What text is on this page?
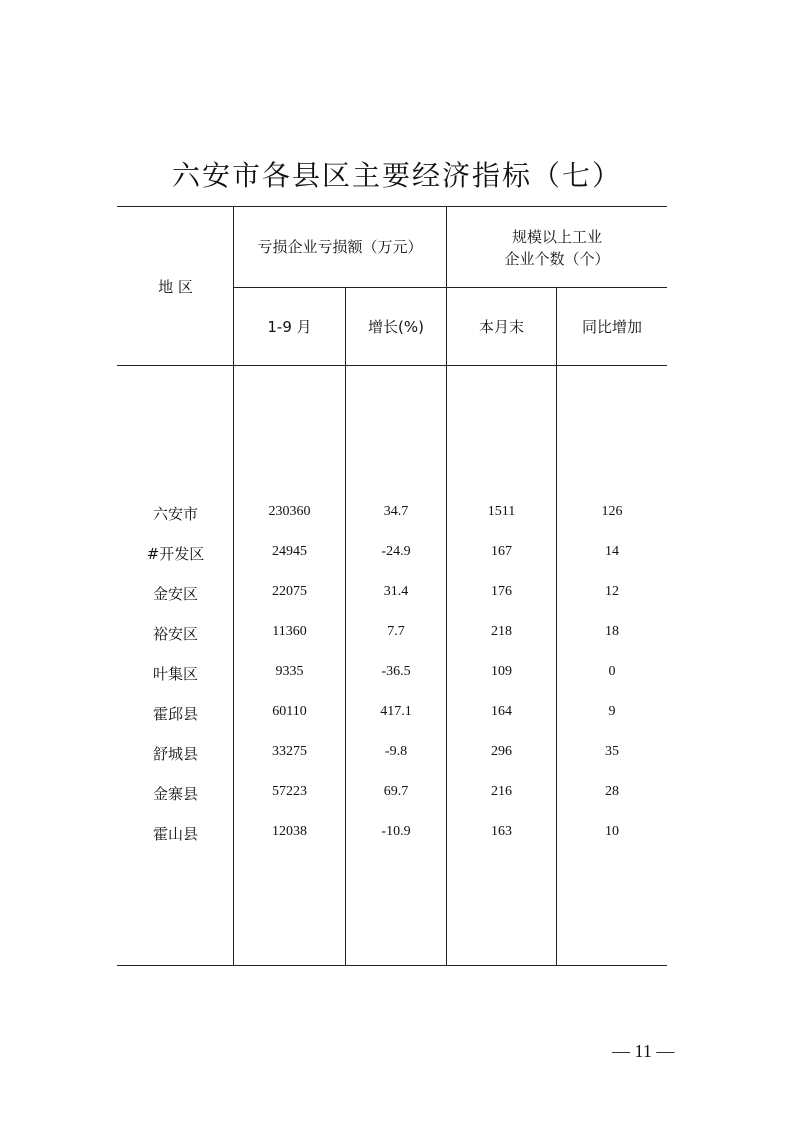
六安市各县区主要经济指标（七）
地 区
亏损企业亏损额（万元）
规模以上工业
企业个数（个）
1-9 月	增长(%)	本月末	同比增加
六安市	230360	34.7	1511	126
#开发区	24945	-24.9	167	14
金安区	22075	31.4	176	12
裕安区	11360	7.7	218	18
叶集区	9335	-36.5	109	0
霍邱县	60110	417.1	164	9
舒城县	33275	-9.8	296	35
金寨县	57223	69.7	216	28
霍山县	12038	-10.9	163	10
— 11 —
